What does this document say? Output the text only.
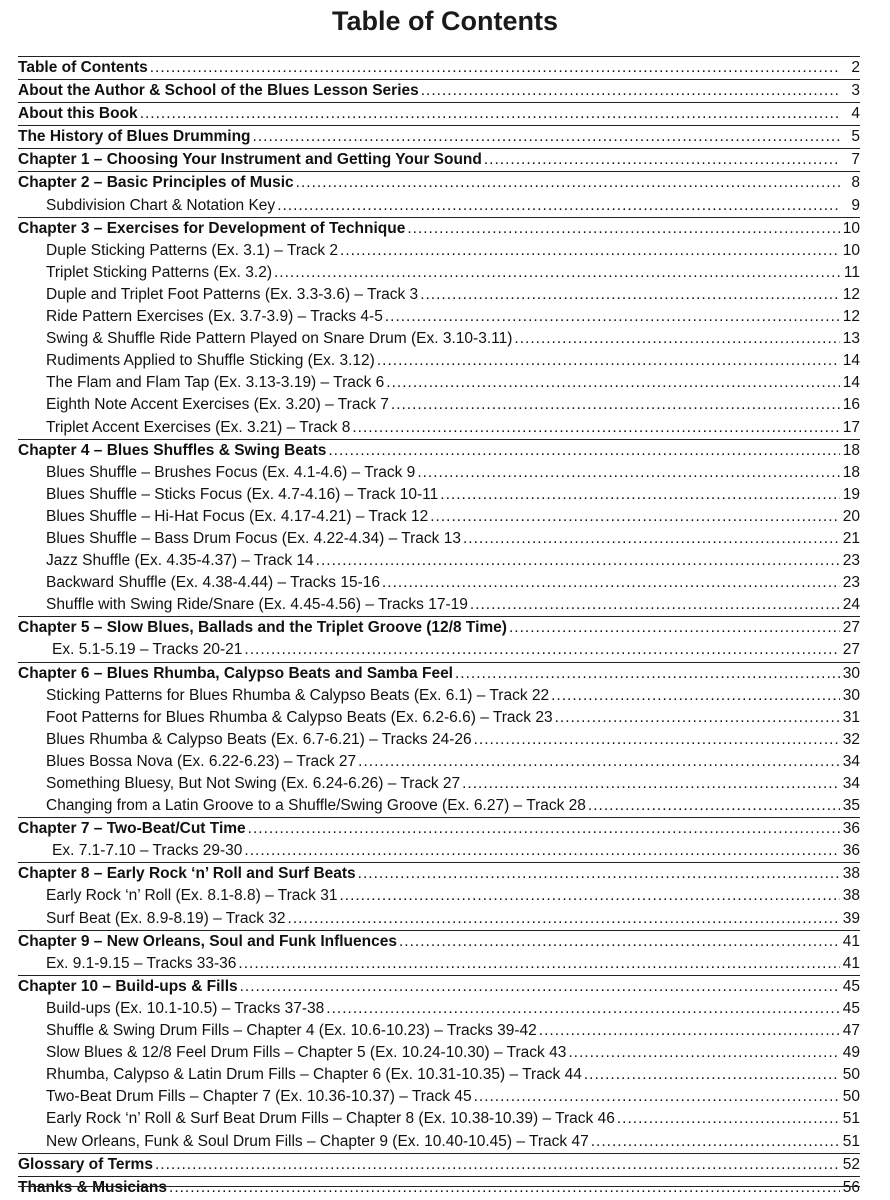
Table of Contents
Table of Contents .....	2
About the Author & School of the Blues Lesson Series .....	3
About this Book .....	4
The History of Blues Drumming .....	5
Chapter 1 – Choosing Your Instrument and Getting Your Sound .....	7
Chapter 2 – Basic Principles of Music .....	8
Subdivision Chart & Notation Key .....	9
Chapter 3 – Exercises for Development of Technique .....	10
Duple Sticking Patterns (Ex. 3.1) – Track 2 .....	10
Triplet Sticking Patterns (Ex. 3.2) .....	11
Duple and Triplet Foot Patterns (Ex. 3.3-3.6) – Track 3 .....	12
Ride Pattern Exercises (Ex. 3.7-3.9) – Tracks 4-5 .....	12
Swing & Shuffle Ride Pattern Played on Snare Drum (Ex. 3.10-3.11) .....	13
Rudiments Applied to Shuffle Sticking (Ex. 3.12) .....	14
The Flam and Flam Tap (Ex. 3.13-3.19) – Track 6 .....	14
Eighth Note Accent Exercises (Ex. 3.20) – Track 7 .....	16
Triplet Accent Exercises (Ex. 3.21) – Track 8 .....	17
Chapter 4 – Blues Shuffles & Swing Beats .....	18
Blues Shuffle – Brushes Focus (Ex. 4.1-4.6) – Track 9 .....	18
Blues Shuffle – Sticks Focus (Ex. 4.7-4.16) – Track 10-11 .....	19
Blues Shuffle – Hi-Hat Focus (Ex. 4.17-4.21) – Track 12 .....	20
Blues Shuffle – Bass Drum Focus (Ex. 4.22-4.34) – Track 13 .....	21
Jazz Shuffle (Ex. 4.35-4.37) – Track 14 .....	23
Backward Shuffle (Ex. 4.38-4.44) – Tracks 15-16 .....	23
Shuffle with Swing Ride/Snare (Ex. 4.45-4.56) – Tracks 17-19 .....	24
Chapter 5 – Slow Blues, Ballads and the Triplet Groove (12/8 Time) .....	27
Ex. 5.1-5.19 – Tracks 20-21 .....	27
Chapter 6 – Blues Rhumba, Calypso Beats and Samba Feel .....	30
Sticking Patterns for Blues Rhumba & Calypso Beats (Ex. 6.1) – Track 22 .....	30
Foot Patterns for Blues Rhumba & Calypso Beats (Ex. 6.2-6.6) – Track 23 .....	31
Blues Rhumba & Calypso Beats (Ex. 6.7-6.21) – Tracks 24-26 .....	32
Blues Bossa Nova (Ex. 6.22-6.23) – Track 27 .....	34
Something Bluesy, But Not Swing (Ex. 6.24-6.26) – Track 27 .....	34
Changing from a Latin Groove to a Shuffle/Swing Groove (Ex. 6.27) – Track 28 .....	35
Chapter 7 – Two-Beat/Cut Time .....	36
Ex. 7.1-7.10 – Tracks 29-30 .....	36
Chapter 8 – Early Rock ‘n’ Roll and Surf Beats .....	38
Early Rock ‘n’ Roll (Ex. 8.1-8.8) – Track 31 .....	38
Surf Beat (Ex. 8.9-8.19) – Track 32 .....	39
Chapter 9 – New Orleans, Soul and Funk Influences .....	41
Ex. 9.1-9.15 – Tracks 33-36 .....	41
Chapter 10 – Build-ups & Fills .....	45
Build-ups (Ex. 10.1-10.5) – Tracks 37-38 .....	45
Shuffle & Swing Drum Fills – Chapter 4 (Ex. 10.6-10.23) – Tracks 39-42 .....	47
Slow Blues & 12/8 Feel Drum Fills – Chapter 5 (Ex. 10.24-10.30) – Track 43 .....	49
Rhumba, Calypso & Latin Drum Fills – Chapter 6 (Ex. 10.31-10.35) – Track 44 .....	50
Two-Beat Drum Fills – Chapter 7 (Ex. 10.36-10.37) – Track 45 .....	50
Early Rock ‘n’ Roll & Surf Beat Drum Fills – Chapter 8 (Ex. 10.38-10.39) – Track 46 .....	51
New Orleans, Funk & Soul Drum Fills – Chapter 9 (Ex. 10.40-10.45) – Track 47 .....	51
Glossary of Terms .....	52
Thanks & Musicians .....	56
